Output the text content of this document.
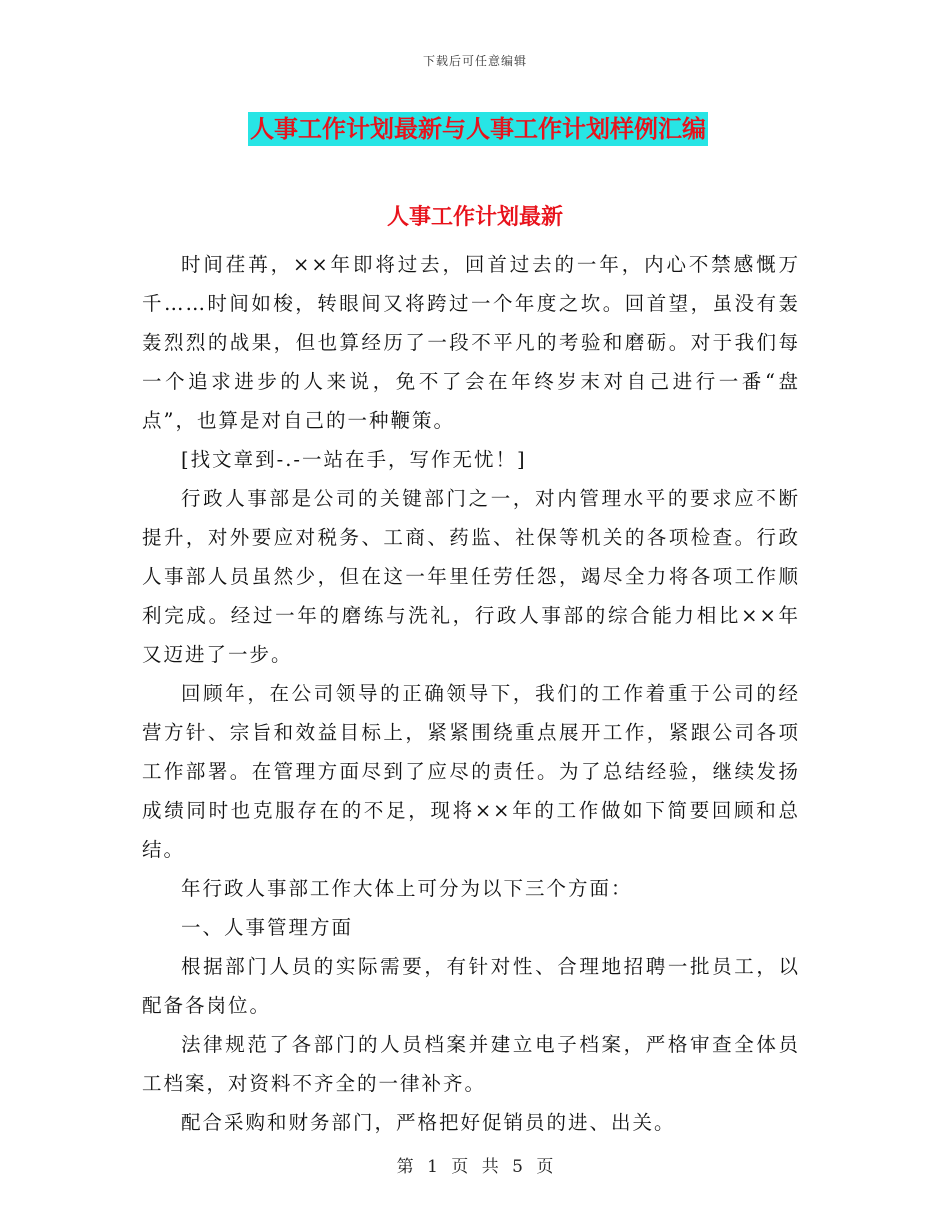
下载后可任意编辑
人事工作计划最新与人事工作计划样例汇编
人事工作计划最新

时间荏苒，××年即将过去，回首过去的一年，内心不禁感慨万千……时间如梭，转眼间又将跨过一个年度之坎。回首望，虽没有轰轰烈烈的战果，但也算经历了一段不平凡的考验和磨砺。对于我们每一个追求进步的人来说，免不了会在年终岁末对自己进行一番“盘点”，也算是对自己的一种鞭策。

[找文章到-.-一站在手，写作无忧！]

行政人事部是公司的关键部门之一，对内管理水平的要求应不断提升，对外要应对税务、工商、药监、社保等机关的各项检查。行政人事部人员虽然少，但在这一年里任劳任怨，竭尽全力将各项工作顺利完成。经过一年的磨练与洗礼，行政人事部的综合能力相比××年又迈进了一步。

回顾年，在公司领导的正确领导下，我们的工作着重于公司的经营方针、宗旨和效益目标上，紧紧围绕重点展开工作，紧跟公司各项工作部署。在管理方面尽到了应尽的责任。为了总结经验，继续发扬成绩同时也克服存在的不足，现将××年的工作做如下简要回顾和总结。

年行政人事部工作大体上可分为以下三个方面：

一、人事管理方面

根据部门人员的实际需要，有针对性、合理地招聘一批员工，以配备各岗位。

法律规范了各部门的人员档案并建立电子档案，严格审查全体员工档案，对资料不齐全的一律补齐。

配合采购和财务部门，严格把好促销员的进、出关。

第 1 页 共 5 页
